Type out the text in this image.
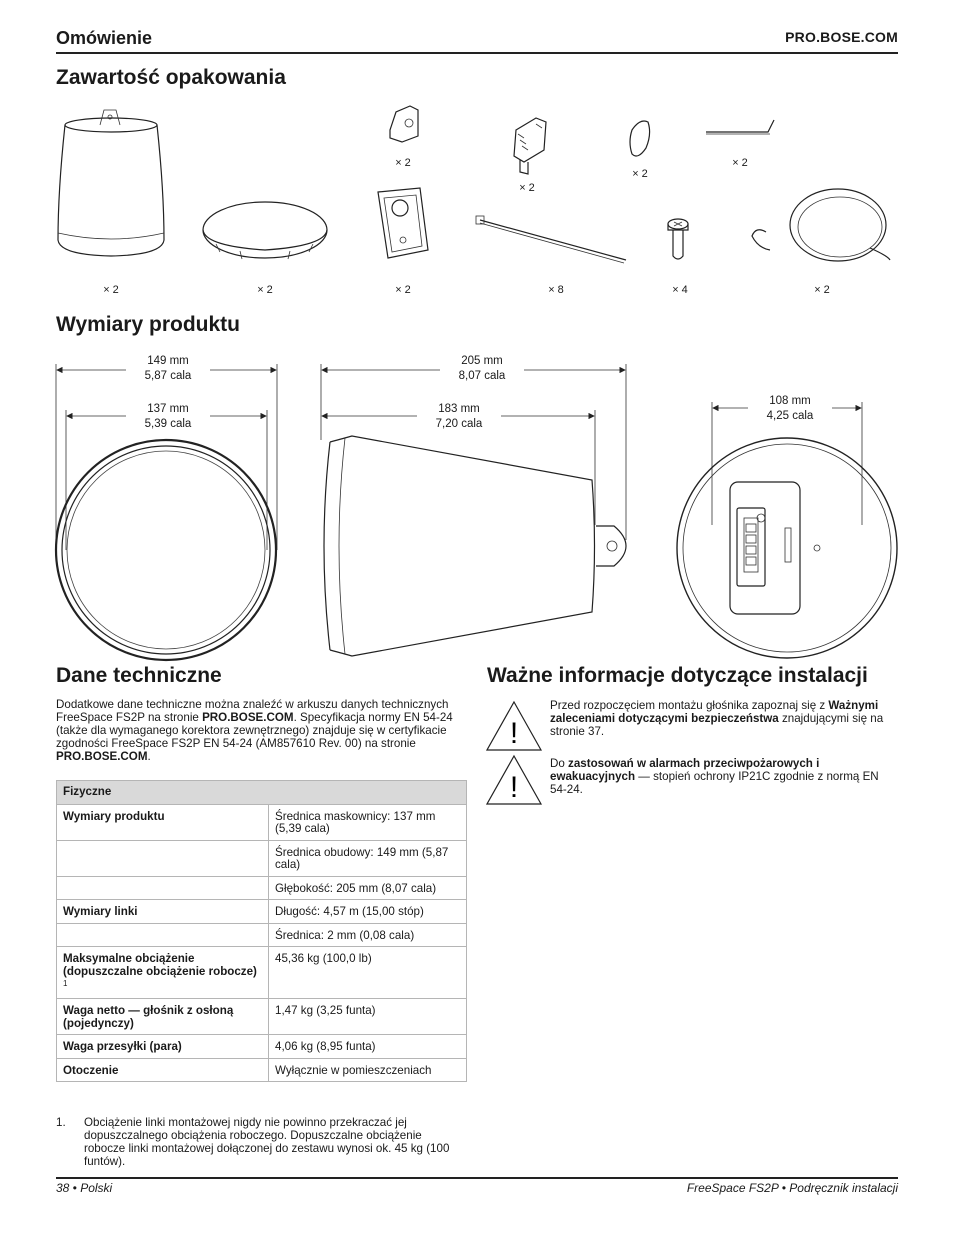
Omówienie	PRO.BOSE.COM
Zawartość opakowania
× 2
× 2
× 2
× 2
× 2	× 2	× 2	× 8	× 4	× 2
Wymiary produktu
149 mm
5,87 cala
137 mm
5,39 cala
205 mm
8,07 cala
183 mm
7,20 cala
108 mm
4,25 cala
Dane techniczne
Dodatkowe dane techniczne można znaleźć w arkuszu danych technicznych FreeSpace FS2P na stronie PRO.BOSE.COM. Specyfikacja normy EN 54-24 (także dla wymaganego korektora zewnętrznego) znajduje się w certyfikacie zgodności FreeSpace FS2P EN 54-24 (AM857610 Rev. 00) na stronie PRO.BOSE.COM.
Fizyczne	
Wymiary produktu	Średnica maskownicy: 137 mm (5,39 cala)
	Średnica obudowy: 149 mm (5,87 cala)
	Głębokość: 205 mm (8,07 cala)
Wymiary linki	Długość: 4,57 m (15,00 stóp)
	Średnica: 2 mm (0,08 cala)
Maksymalne obciążenie (dopuszczalne obciążenie robocze) $^1$	45,36 kg (100,0 lb)
Waga netto — głośnik z osłoną (pojedynczy)	1,47 kg (3,25 funta)
Waga przesyłki (para)	4,06 kg (8,95 funta)
Otoczenie	Wyłącznie w pomieszczeniach
1. Obciążenie linki montażowej nigdy nie powinno przekraczać jej dopuszczalnego obciążenia roboczego. Dopuszczalne obciążenie robocze linki montażowej dołączonej do zestawu wynosi ok. 45 kg (100 funtów).
Ważne informacje dotyczące instalacji
!
!
Przed rozpoczęciem montażu głośnika zapoznaj się z Ważnymi zaleceniami dotyczącymi bezpieczeństwa znajdującymi się na stronie 37.
Do zastosowań w alarmach przeciwpożarowych i ewakuacyjnych — stopień ochrony IP21C zgodnie z normą EN 54-24.
38 • Polski	FreeSpace FS2P • Podręcznik instalacji
